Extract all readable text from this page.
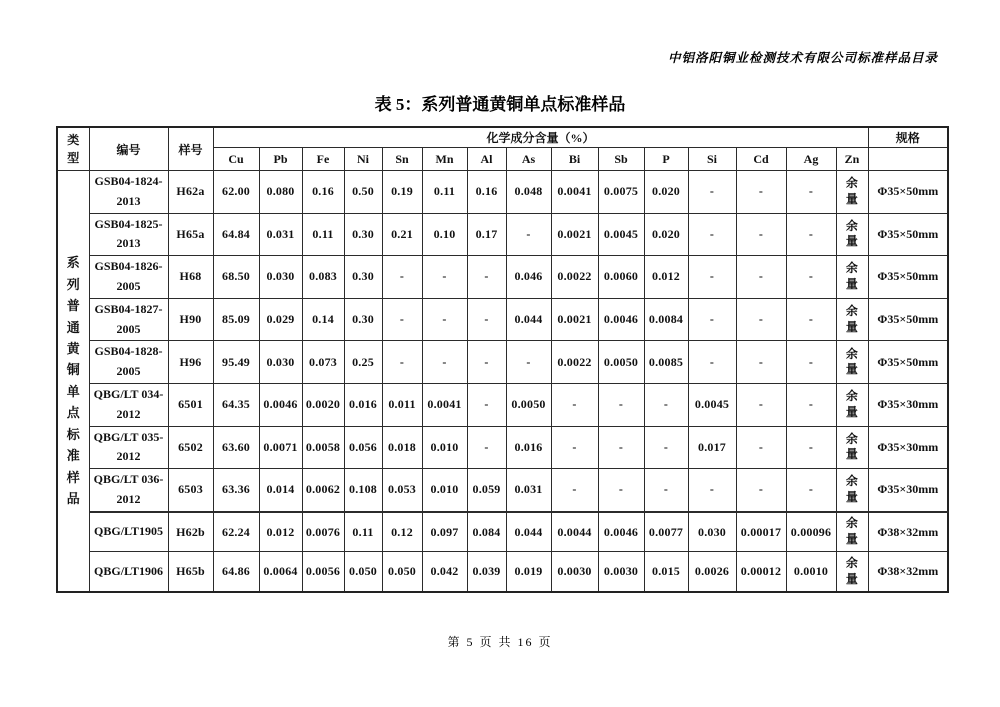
中铝洛阳铜业检测技术有限公司标准样品目录
表 5：系列普通黄铜单点标准样品
类型	编号	样号	化学成分含量（%）															规格
			Cu	Pb	Fe	Ni	Sn	Mn	Al	As	Bi	Sb	P	Si	Cd	Ag	Zn	

系列普通黄铜单点标准样品	GSB04-1824-2013	H62a	62.00	0.080	0.16	0.50	0.19	0.11	0.16	0.048	0.0041	0.0075	0.020	-	-	-	余量	Φ35×50mm
	GSB04-1825-2013	H65a	64.84	0.031	0.11	0.30	0.21	0.10	0.17	-	0.0021	0.0045	0.020	-	-	-	余量	Φ35×50mm
	GSB04-1826-2005	H68	68.50	0.030	0.083	0.30	-	-	-	0.046	0.0022	0.0060	0.012	-	-	-	余量	Φ35×50mm
	GSB04-1827-2005	H90	85.09	0.029	0.14	0.30	-	-	-	0.044	0.0021	0.0046	0.0084	-	-	-	余量	Φ35×50mm
	GSB04-1828-2005	H96	95.49	0.030	0.073	0.25	-	-	-	-	0.0022	0.0050	0.0085	-	-	-	余量	Φ35×50mm
	QBG/LT 034-2012	6501	64.35	0.0046	0.0020	0.016	0.011	0.0041	-	0.0050	-	-	-	0.0045	-	-	余量	Φ35×30mm
	QBG/LT 035-2012	6502	63.60	0.0071	0.0058	0.056	0.018	0.010	-	0.016	-	-	-	0.017	-	-	余量	Φ35×30mm
	QBG/LT 036-2012	6503	63.36	0.014	0.0062	0.108	0.053	0.010	0.059	0.031	-	-	-	-	-	-	余量	Φ35×30mm
	QBG/LT1905	H62b	62.24	0.012	0.0076	0.11	0.12	0.097	0.084	0.044	0.0044	0.0046	0.0077	0.030	0.00017	0.00096	余量	Φ38×32mm
	QBG/LT1906	H65b	64.86	0.0064	0.0056	0.050	0.050	0.042	0.039	0.019	0.0030	0.0030	0.015	0.0026	0.00012	0.0010	余量	Φ38×32mm
第 5 页 共 16 页
